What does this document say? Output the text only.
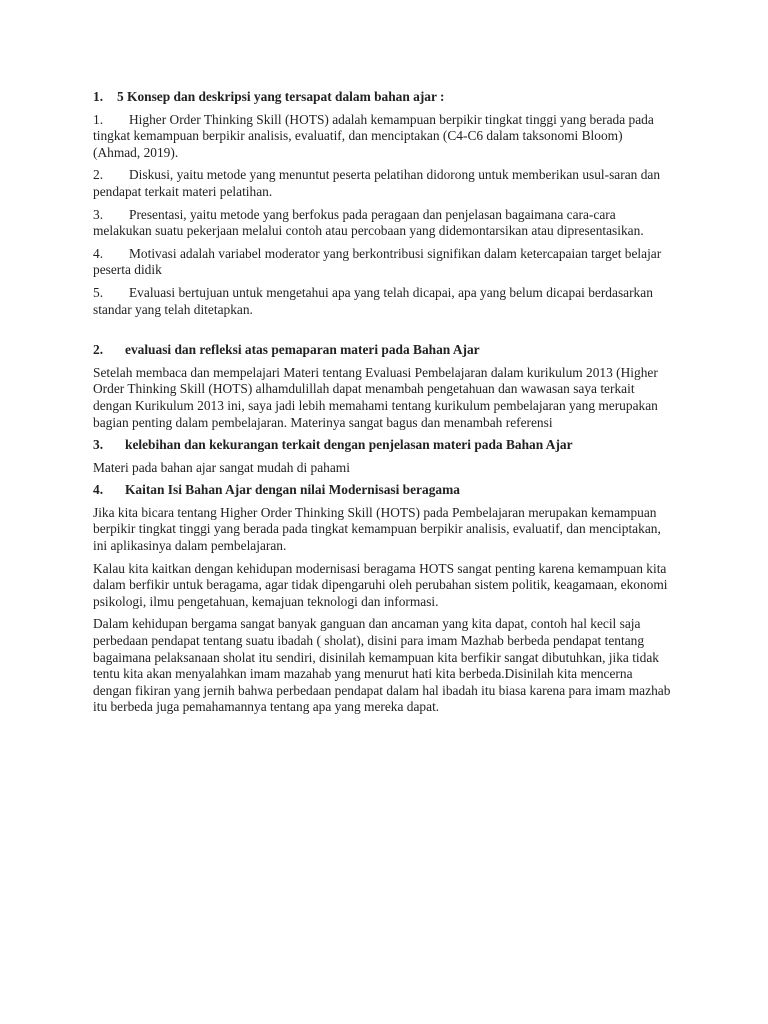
1. 5 Konsep dan deskripsi yang tersapat dalam bahan ajar :
1. Higher Order Thinking Skill (HOTS) adalah kemampuan berpikir tingkat tinggi yang berada pada tingkat kemampuan berpikir analisis, evaluatif, dan menciptakan (C4-C6 dalam taksonomi Bloom) (Ahmad, 2019).
2. Diskusi, yaitu metode yang menuntut peserta pelatihan didorong untuk memberikan usul-saran dan pendapat terkait materi pelatihan.
3. Presentasi, yaitu metode yang berfokus pada peragaan dan penjelasan bagaimana cara-cara melakukan suatu pekerjaan melalui contoh atau percobaan yang didemontarsikan atau dipresentasikan.
4. Motivasi adalah variabel moderator yang berkontribusi signifikan dalam ketercapaian target belajar peserta didik
5. Evaluasi bertujuan untuk mengetahui apa yang telah dicapai, apa yang belum dicapai berdasarkan standar yang telah ditetapkan.
2. evaluasi dan refleksi atas pemaparan materi pada Bahan Ajar
Setelah membaca dan mempelajari Materi tentang Evaluasi Pembelajaran dalam kurikulum 2013 (Higher Order Thinking Skill (HOTS) alhamdulillah dapat menambah pengetahuan dan wawasan saya terkait dengan Kurikulum 2013 ini, saya jadi lebih memahami tentang kurikulum pembelajaran yang merupakan bagian penting dalam pembelajaran. Materinya sangat bagus dan menambah referensi
3. kelebihan dan kekurangan terkait dengan penjelasan materi pada Bahan Ajar
Materi pada bahan ajar sangat mudah di pahami
4. Kaitan Isi Bahan Ajar dengan nilai Modernisasi beragama
Jika kita bicara tentang Higher Order Thinking Skill (HOTS) pada Pembelajaran merupakan kemampuan berpikir tingkat tinggi yang berada pada tingkat kemampuan berpikir analisis, evaluatif, dan menciptakan, ini aplikasinya dalam pembelajaran.
Kalau kita kaitkan dengan kehidupan modernisasi beragama HOTS sangat penting karena kemampuan kita dalam berfikir untuk beragama, agar tidak dipengaruhi oleh perubahan sistem politik, keagamaan, ekonomi psikologi, ilmu pengetahuan, kemajuan teknologi dan informasi.
Dalam kehidupan bergama sangat banyak ganguan dan ancaman yang kita dapat, contoh hal kecil saja perbedaan pendapat tentang suatu ibadah ( sholat), disini para imam Mazhab berbeda pendapat tentang bagaimana pelaksanaan sholat itu sendiri, disinilah kemampuan kita berfikir sangat dibutuhkan, jika tidak tentu kita akan menyalahkan imam mazahab yang menurut hati kita berbeda.Disinilah kita mencerna dengan fikiran yang jernih bahwa perbedaan pendapat dalam hal ibadah itu biasa karena para imam mazhab itu berbeda juga pemahamannya tentang apa yang mereka dapat.
